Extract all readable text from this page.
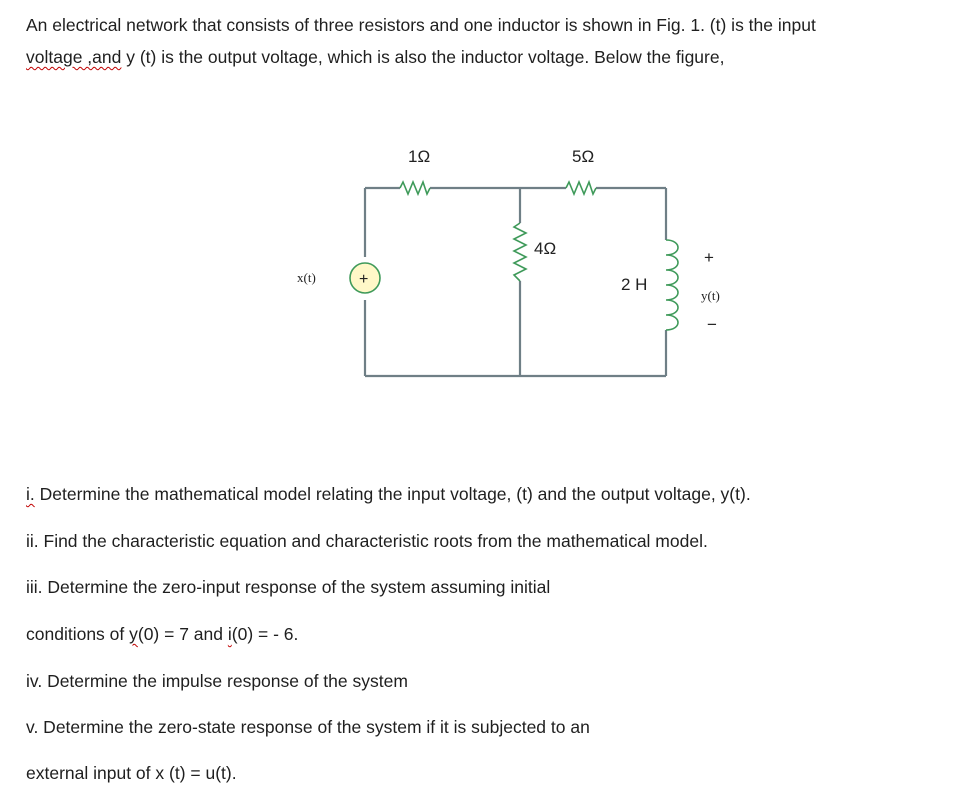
An electrical network that consists of three resistors and one inductor is shown in Fig. 1. (t) is the input
voltage ,and y (t) is the output voltage, which is also the inductor voltage. Below the figure,
1Ω	5Ω
4Ω
2 H
+
x(t)
+
y(t)
−
i. Determine the mathematical model relating the input voltage, (t) and the output voltage, y(t).
ii. Find the characteristic equation and characteristic roots from the mathematical model.
iii. Determine the zero-input response of the system assuming initial
conditions of y(0) = 7 and i(0) = - 6.
iv. Determine the impulse response of the system
v. Determine the zero-state response of the system if it is subjected to an
external input of x (t) = u(t).
